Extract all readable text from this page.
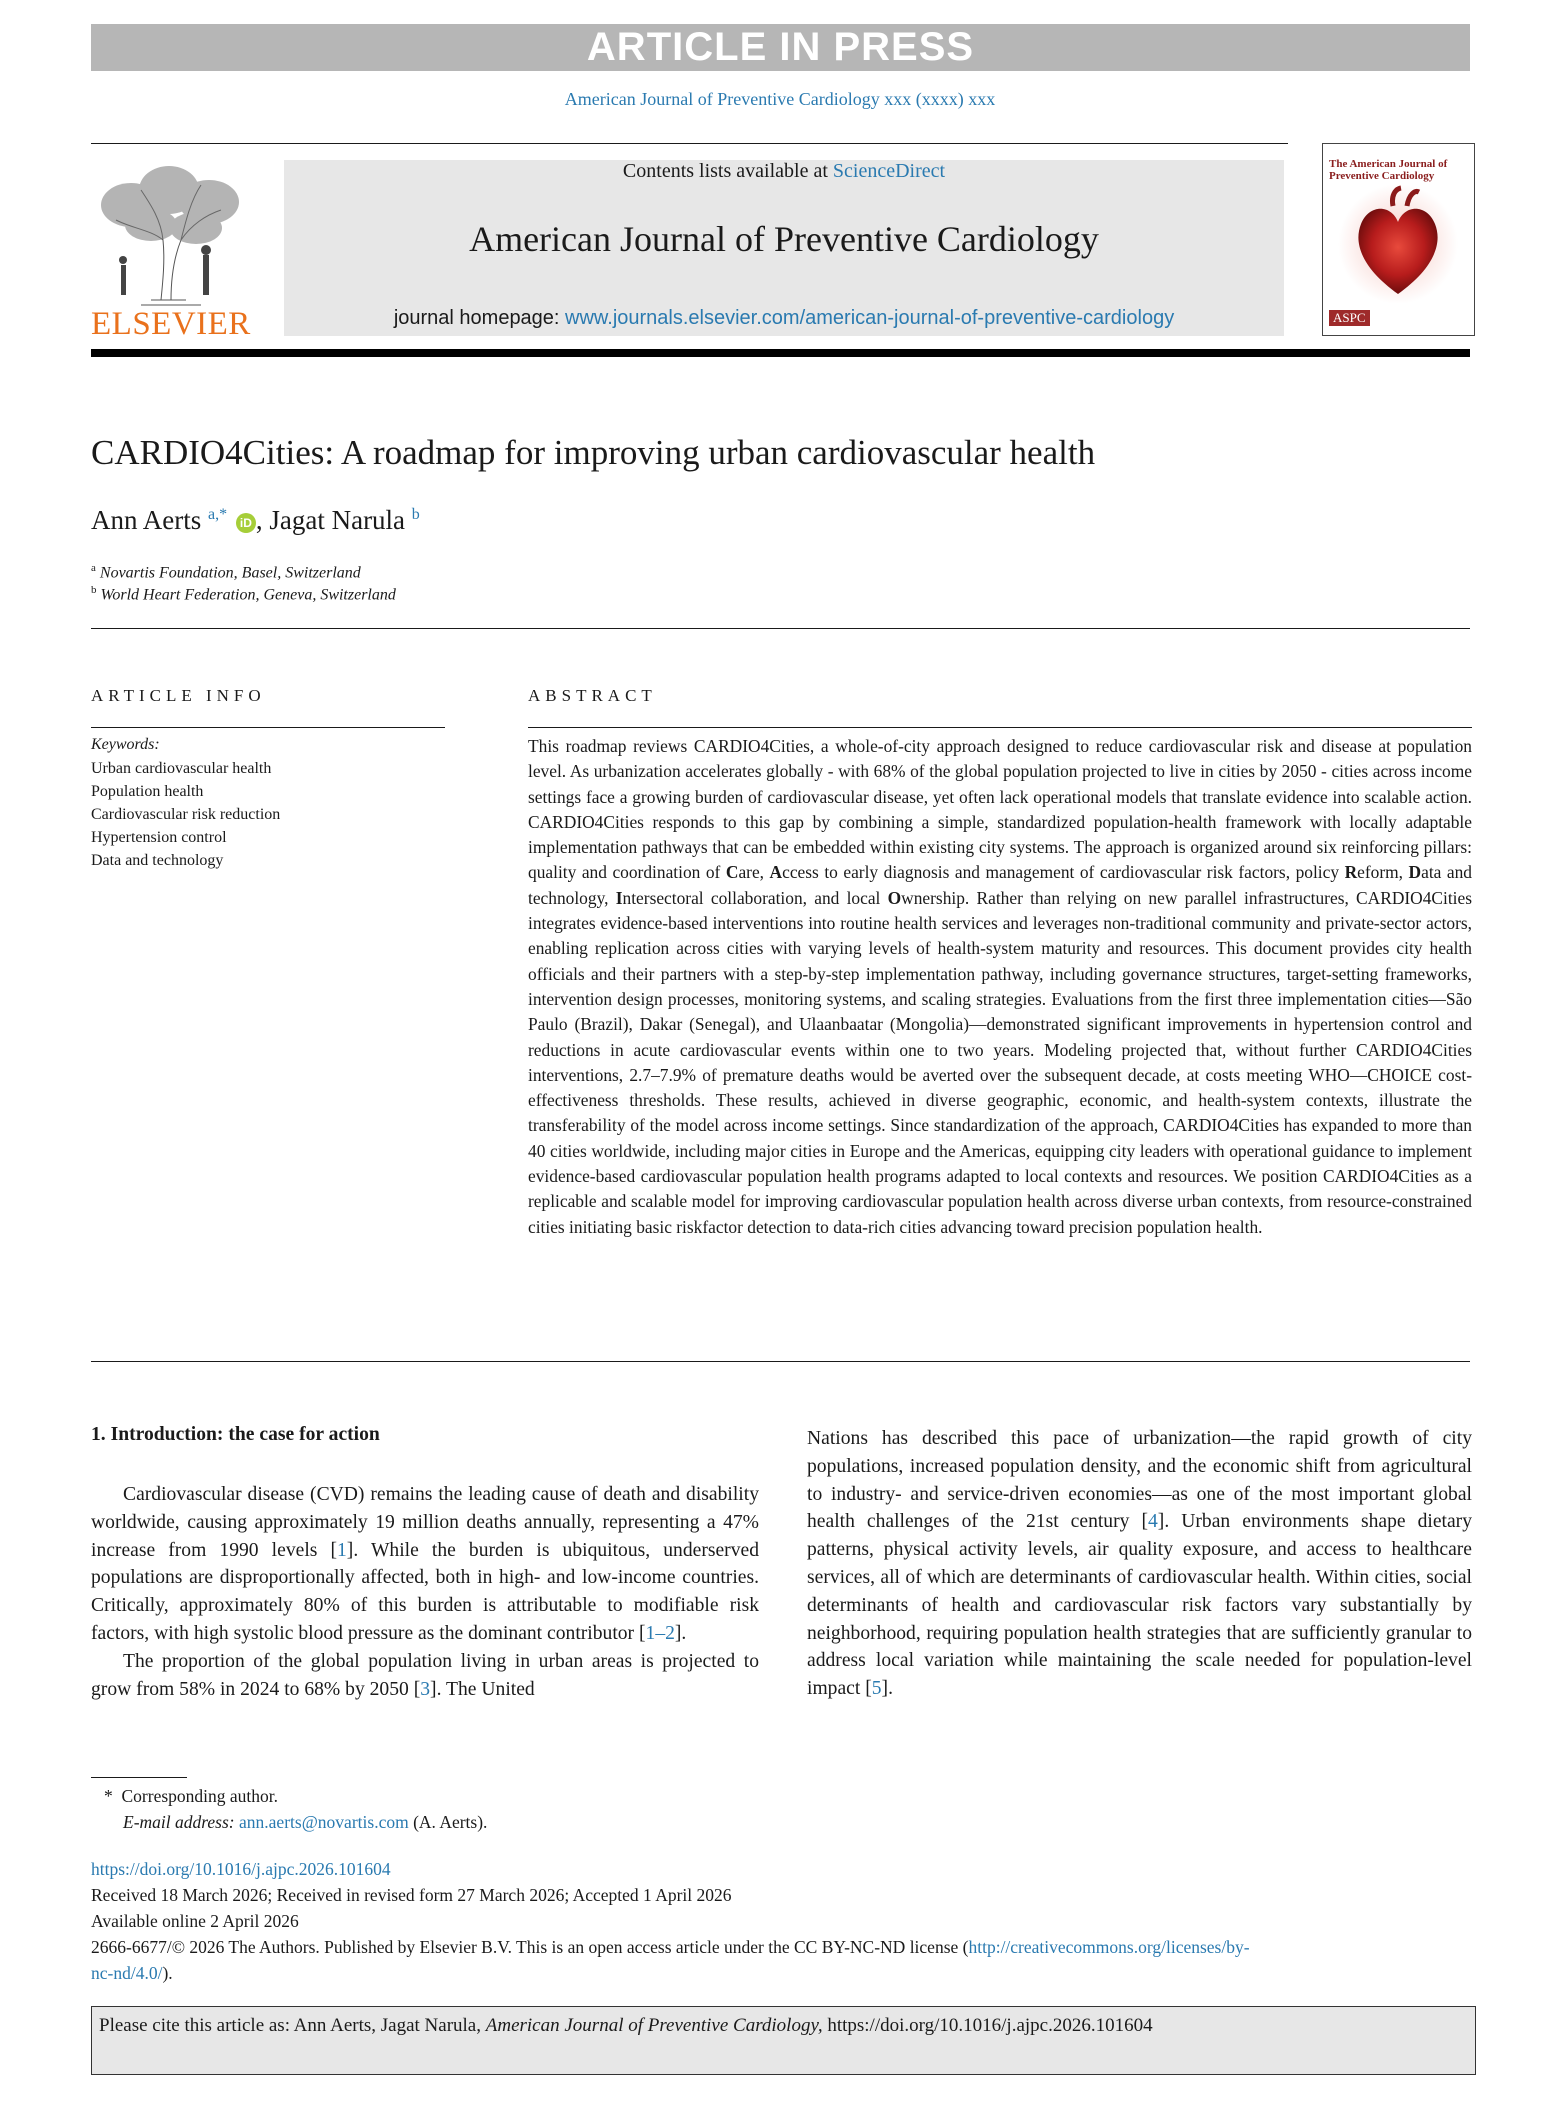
ARTICLE IN PRESS
American Journal of Preventive Cardiology xxx (xxxx) xxx
ELSEVIER
Contents lists available at ScienceDirect
American Journal of Preventive Cardiology
journal homepage: www.journals.elsevier.com/american-journal-of-preventive-cardiology
The American Journal of Preventive Cardiology
ASPC
CARDIO4Cities: A roadmap for improving urban cardiovascular health
Ann Aerts $^{a,*}$ iD , Jagat Narula $^b$
$^a$ Novartis Foundation, Basel, Switzerland
$^b$ World Heart Federation, Geneva, Switzerland
ARTICLE INFO
Keywords:
Urban cardiovascular health
Population health
Cardiovascular risk reduction
Hypertension control
Data and technology
ABSTRACT
This roadmap reviews CARDIO4Cities, a whole-of-city approach designed to reduce cardiovascular risk and disease at population level. As urbanization accelerates globally - with 68% of the global population projected to live in cities by 2050 - cities across income settings face a growing burden of cardiovascular disease, yet often lack operational models that translate evidence into scalable action. CARDIO4Cities responds to this gap by combining a simple, standardized population-health framework with locally adaptable implementation pathways that can be embedded within existing city systems. The approach is organized around six reinforcing pillars: quality and coordination of Care, Access to early diagnosis and management of cardiovascular risk factors, policy Reform, Data and technology, Intersectoral collaboration, and local Ownership. Rather than relying on new parallel infrastructures, CARDIO4Cities integrates evidence-based interventions into routine health services and leverages non-traditional community and private-sector actors, enabling replication across cities with varying levels of health-system maturity and resources. This document provides city health officials and their partners with a step-by-step implementation pathway, including governance structures, target-setting frameworks, intervention design processes, monitoring systems, and scaling strategies. Evaluations from the first three implementation cities—São Paulo (Brazil), Dakar (Senegal), and Ulaanbaatar (Mongolia)—demonstrated significant improvements in hypertension control and reductions in acute cardiovascular events within one to two years. Modeling projected that, without further CARDIO4Cities interventions, 2.7–7.9% of premature deaths would be averted over the subsequent decade, at costs meeting WHO—CHOICE cost-effectiveness thresholds. These results, achieved in diverse geographic, economic, and health-system contexts, illustrate the transferability of the model across income settings. Since standardization of the approach, CARDIO4Cities has expanded to more than 40 cities worldwide, including major cities in Europe and the Americas, equipping city leaders with operational guidance to implement evidence-based cardiovascular population health programs adapted to local contexts and resources. We position CARDIO4Cities as a replicable and scalable model for improving cardiovascular population health across diverse urban contexts, from resource-constrained cities initiating basic riskfactor detection to data-rich cities advancing toward precision population health.
1. Introduction: the case for action
Cardiovascular disease (CVD) remains the leading cause of death and disability worldwide, causing approximately 19 million deaths annually, representing a 47% increase from 1990 levels [1]. While the burden is ubiquitous, underserved populations are disproportionally affected, both in high- and low-income countries. Critically, approximately 80% of this burden is attributable to modifiable risk factors, with high systolic blood pressure as the dominant contributor [1–2].
The proportion of the global population living in urban areas is projected to grow from 58% in 2024 to 68% by 2050 [3]. The United
Nations has described this pace of urbanization—the rapid growth of city populations, increased population density, and the economic shift from agricultural to industry- and service-driven economies—as one of the most important global health challenges of the 21st century [4]. Urban environments shape dietary patterns, physical activity levels, air quality exposure, and access to healthcare services, all of which are determinants of cardiovascular health. Within cities, social determinants of health and cardiovascular risk factors vary substantially by neighborhood, requiring population health strategies that are sufficiently granular to address local variation while maintaining the scale needed for population-level impact [5].
* Corresponding author.
E-mail address: ann.aerts@novartis.com (A. Aerts).
https://doi.org/10.1016/j.ajpc.2026.101604
Received 18 March 2026; Received in revised form 27 March 2026; Accepted 1 April 2026
Available online 2 April 2026
2666-6677/© 2026 The Authors. Published by Elsevier B.V. This is an open access article under the CC BY-NC-ND license (http://creativecommons.org/licenses/by-
nc-nd/4.0/).
Please cite this article as: Ann Aerts, Jagat Narula, American Journal of Preventive Cardiology, https://doi.org/10.1016/j.ajpc.2026.101604
